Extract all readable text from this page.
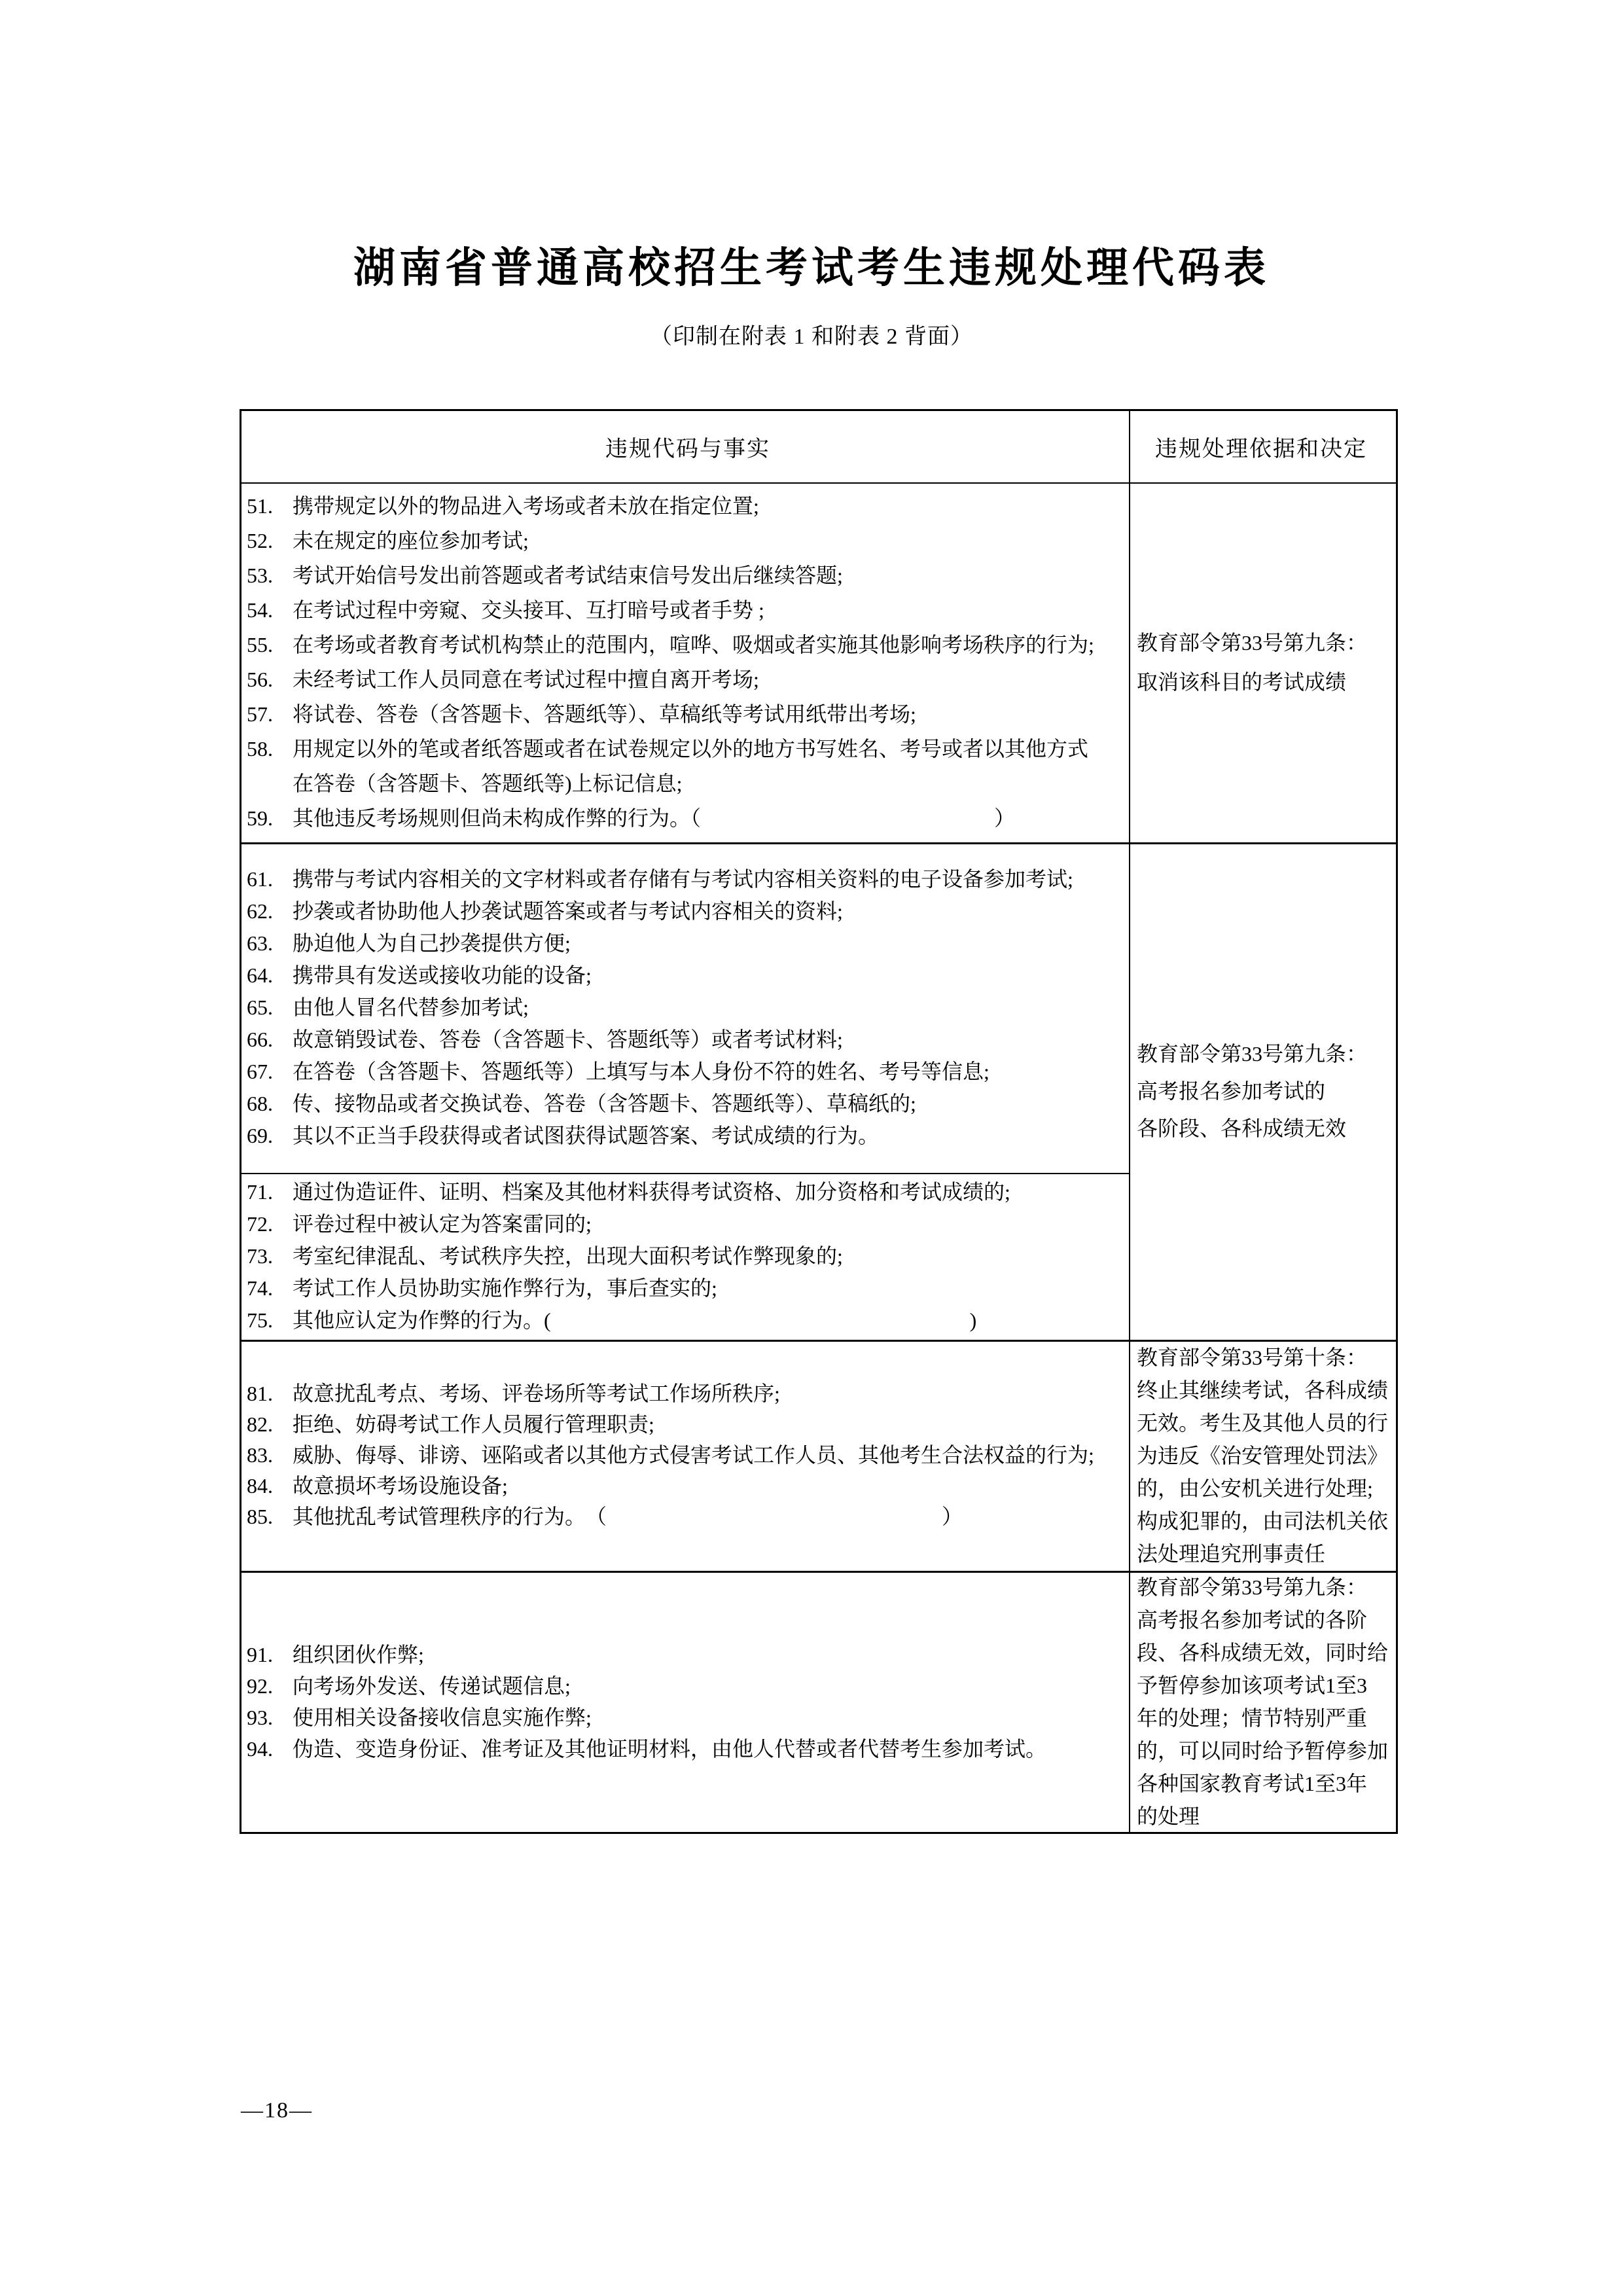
湖南省普通高校招生考试考生违规处理代码表
（印制在附表 1 和附表 2 背面）
违规代码与事实	违规处理依据和决定
51. 携带规定以外的物品进入考场或者未放在指定位置;
52. 未在规定的座位参加考试;
53. 考试开始信号发出前答题或者考试结束信号发出后继续答题;
54. 在考试过程中旁窥、交头接耳、互打暗号或者手势 ;
55. 在考场或者教育考试机构禁止的范围内，喧哗、吸烟或者实施其他影响考场秩序的行为;
56. 未经考试工作人员同意在考试过程中擅自离开考场;
57. 将试卷、答卷（含答题卡、答题纸等）、草稿纸等考试用纸带出考场;
58. 用规定以外的笔或者纸答题或者在试卷规定以外的地方书写姓名、考号或者以其他方式
在答卷（含答题卡、答题纸等)上标记信息;
59. 其他违反考场规则但尚未构成作弊的行为。（　　　　　　　　　　　　　　）
教育部令第33号第九条：
取消该科目的考试成绩
61. 携带与考试内容相关的文字材料或者存储有与考试内容相关资料的电子设备参加考试;
62. 抄袭或者协助他人抄袭试题答案或者与考试内容相关的资料;
63. 胁迫他人为自己抄袭提供方便;
64. 携带具有发送或接收功能的设备;
65. 由他人冒名代替参加考试;
66. 故意销毁试卷、答卷（含答题卡、答题纸等）或者考试材料;
67. 在答卷（含答题卡、答题纸等）上填写与本人身份不符的姓名、考号等信息;
68. 传、接物品或者交换试卷、答卷（含答题卡、答题纸等）、草稿纸的;
69. 其以不正当手段获得或者试图获得试题答案、考试成绩的行为。
教育部令第33号第九条：
高考报名参加考试的
各阶段、各科成绩无效
71. 通过伪造证件、证明、档案及其他材料获得考试资格、加分资格和考试成绩的;
72. 评卷过程中被认定为答案雷同的;
73. 考室纪律混乱、考试秩序失控，出现大面积考试作弊现象的;
74. 考试工作人员协助实施作弊行为，事后查实的;
75. 其他应认定为作弊的行为。(　　　　　　　　　　　　　　　　　　　　)
81. 故意扰乱考点、考场、评卷场所等考试工作场所秩序;
82. 拒绝、妨碍考试工作人员履行管理职责;
83. 威胁、侮辱、诽谤、诬陷或者以其他方式侵害考试工作人员、其他考生合法权益的行为;
84. 故意损坏考场设施设备;
85. 其他扰乱考试管理秩序的行为。　（　　　　　　　　　　　　　　　　）
教育部令第33号第十条：
终止其继续考试，各科成绩
无效。考生及其他人员的行
为违反《治安管理处罚法》
的，由公安机关进行处理;
构成犯罪的，由司法机关依
法处理追究刑事责任
91. 组织团伙作弊;
92. 向考场外发送、传递试题信息;
93. 使用相关设备接收信息实施作弊;
94. 伪造、变造身份证、准考证及其他证明材料，由他人代替或者代替考生参加考试。
教育部令第33号第九条：
高考报名参加考试的各阶
段、各科成绩无效，同时给
予暂停参加该项考试1至3
年的处理；情节特别严重
的，可以同时给予暂停参加
各种国家教育考试1至3年
的处理
—18—
